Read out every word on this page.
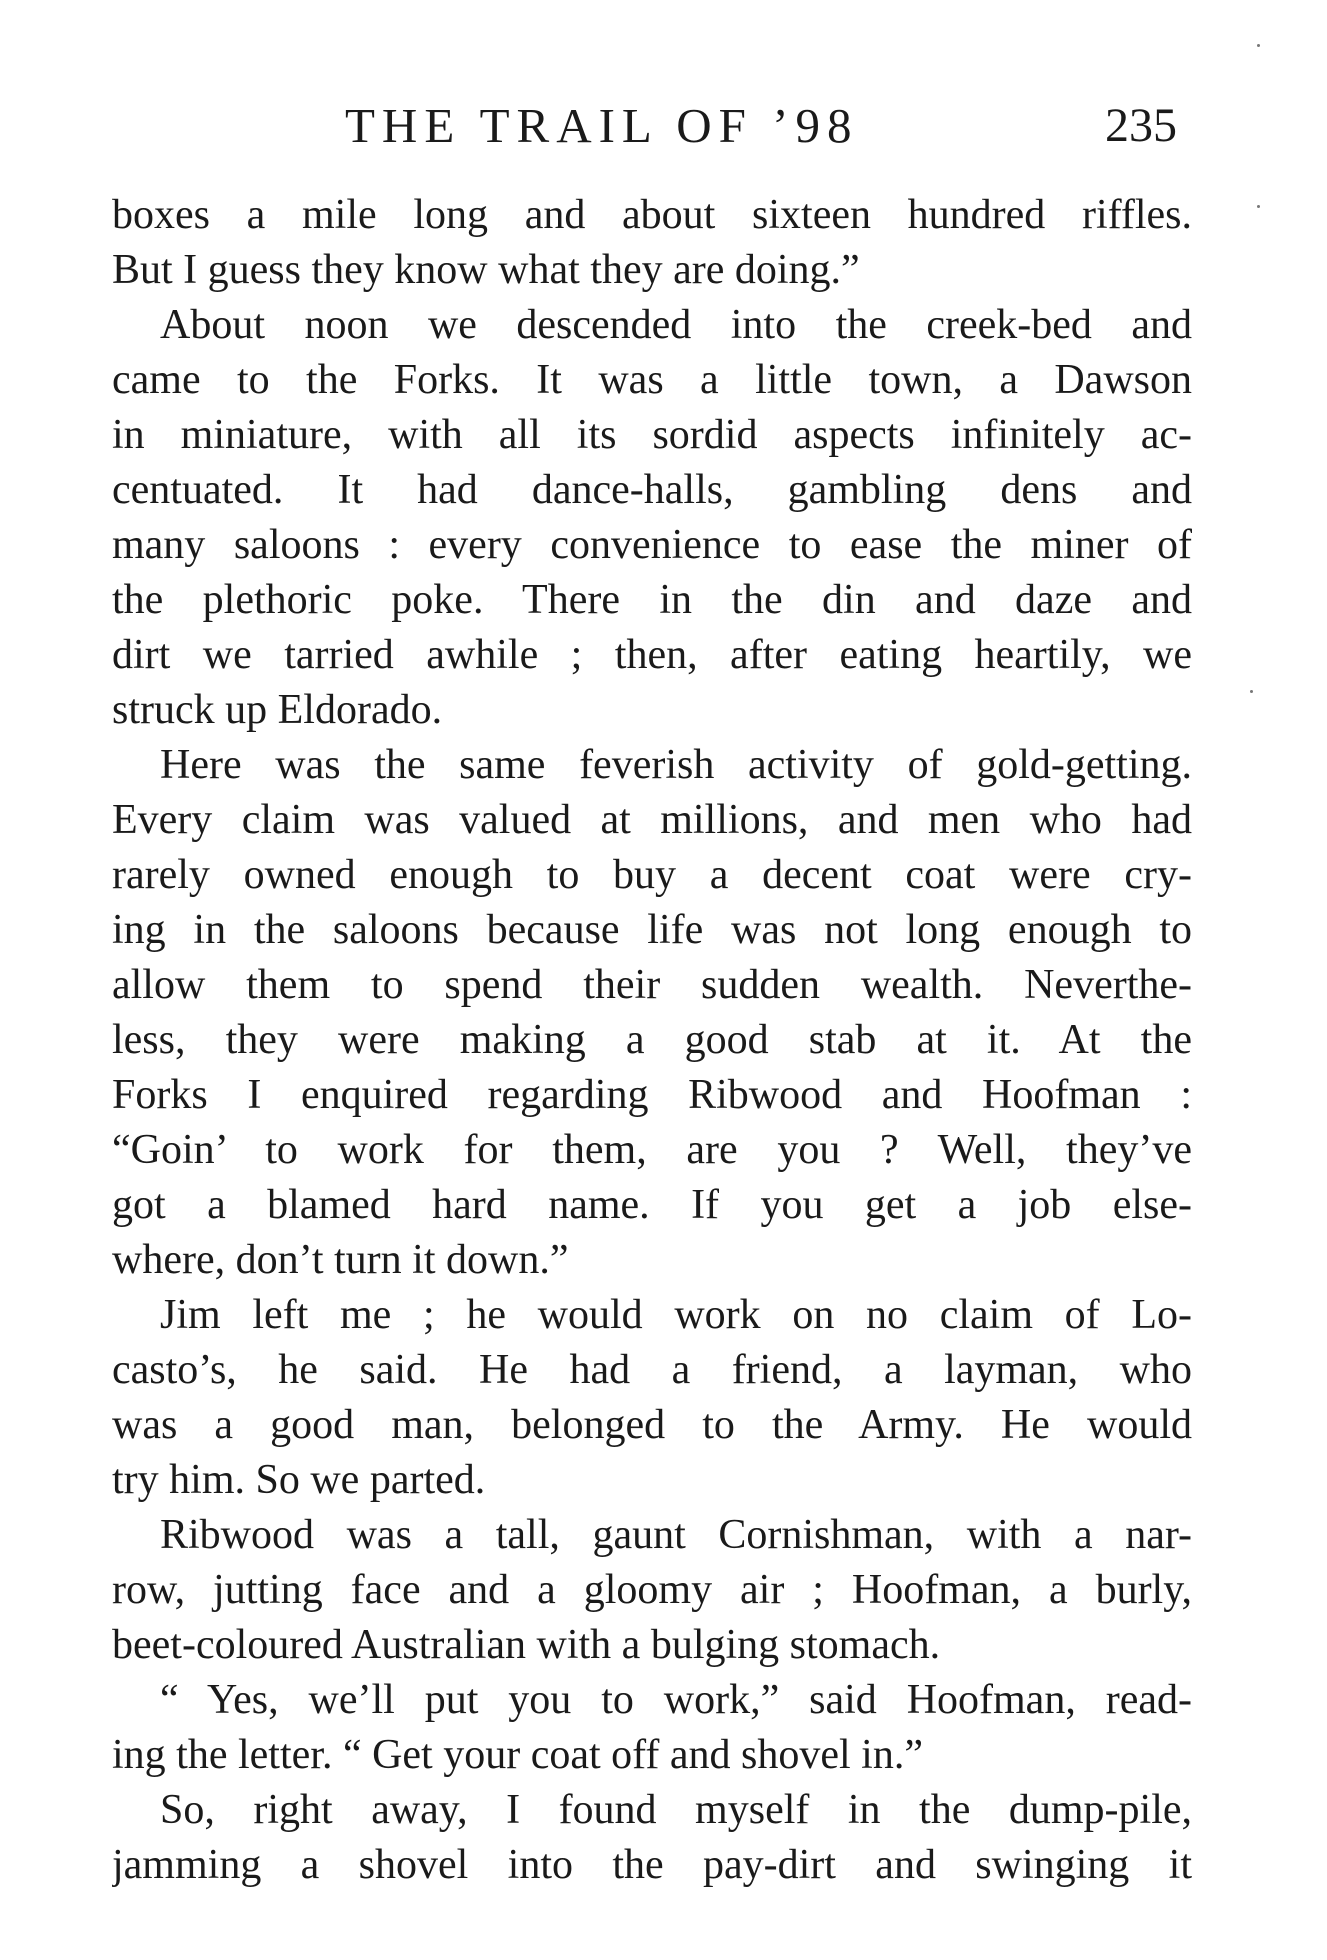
THE TRAIL OF ’98	235
boxes a mile long and about sixteen hundred riffles.
But I guess they know what they are doing.”
About noon we descended into the creek-bed and
came to the Forks. It was a little town, a Dawson
in miniature, with all its sordid aspects infinitely ac-
centuated. It had dance-halls, gambling dens and
many saloons : every convenience to ease the miner of
the plethoric poke. There in the din and daze and
dirt we tarried awhile ; then, after eating heartily, we
struck up Eldorado.
Here was the same feverish activity of gold-getting.
Every claim was valued at millions, and men who had
rarely owned enough to buy a decent coat were cry-
ing in the saloons because life was not long enough to
allow them to spend their sudden wealth. Neverthe-
less, they were making a good stab at it. At the
Forks I enquired regarding Ribwood and Hoofman :
“Goin’ to work for them, are you ? Well, they’ve
got a blamed hard name. If you get a job else-
where, don’t turn it down.”
Jim left me ; he would work on no claim of Lo-
casto’s, he said. He had a friend, a layman, who
was a good man, belonged to the Army. He would
try him. So we parted.
Ribwood was a tall, gaunt Cornishman, with a nar-
row, jutting face and a gloomy air ; Hoofman, a burly,
beet-coloured Australian with a bulging stomach.
“ Yes, we’ll put you to work,” said Hoofman, read-
ing the letter. “ Get your coat off and shovel in.”
So, right away, I found myself in the dump-pile,
jamming a shovel into the pay-dirt and swinging it
